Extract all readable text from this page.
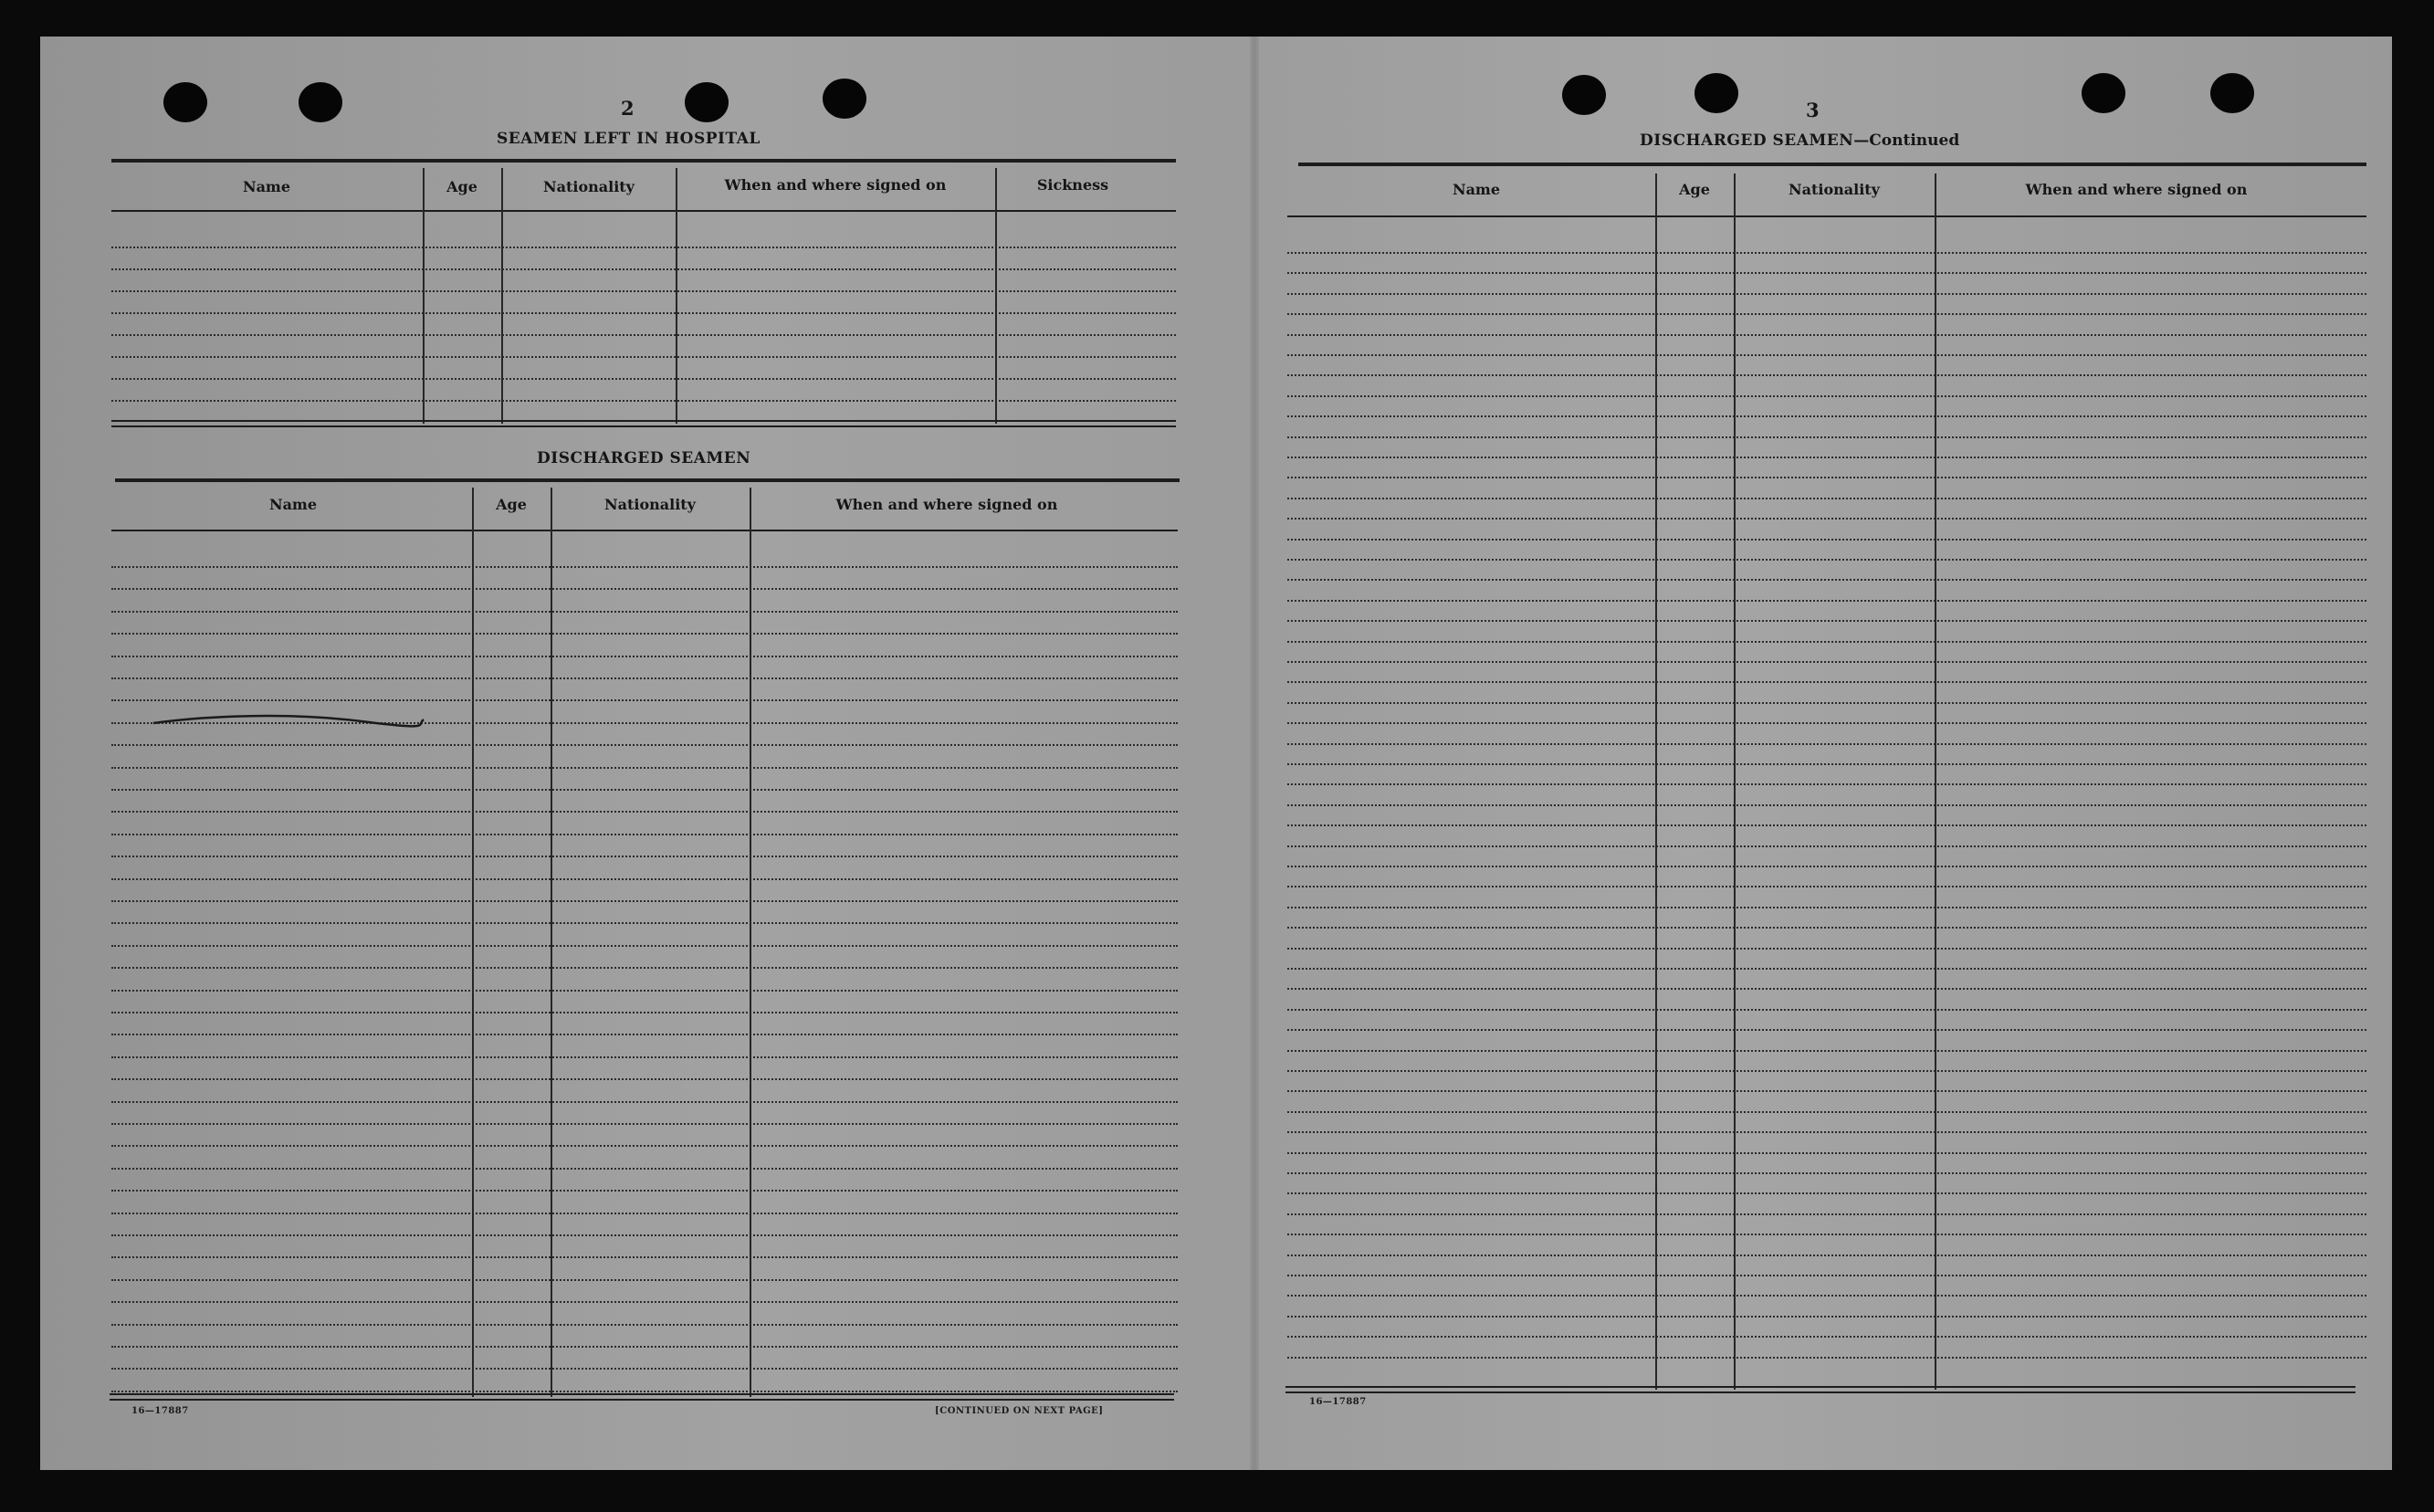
2
SEAMEN LEFT IN HOSPITAL
Name	Age	Nationality	When and where signed on	Sickness
DISCHARGED SEAMEN
Name	Age	Nationality	When and where signed on
16—17887	[CONTINUED ON NEXT PAGE]
3
DISCHARGED SEAMEN—Continued
Name	Age	Nationality	When and where signed on
16—17887
